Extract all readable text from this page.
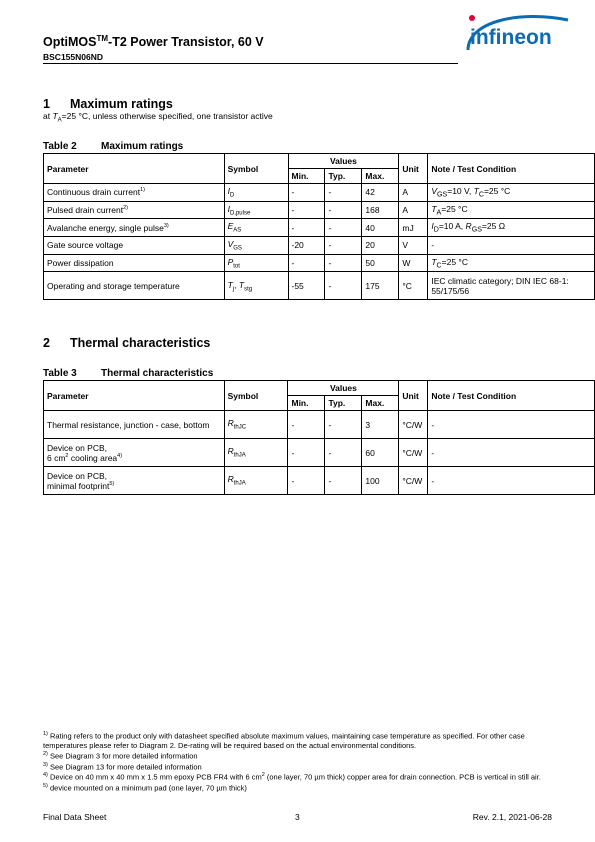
OptiMOS™-T2 Power Transistor, 60 V
BSC155N06ND
infineon
1 Maximum ratings
at $T_A=25$ °C, unless otherwise specified, one transistor active
Table 2 Maximum ratings
Parameter	Symbol	Values			Unit	Note / Test Condition
		Min.	Typ.	Max.		
Continuous drain current$^{1)}$	$I_D$	-	-	42	A	$V_{GS}=10$ V, $T_C=25$ °C
Pulsed drain current$^{2)}$	$I_{D,pulse}$	-	-	168	A	$T_A=25$ °C
Avalanche energy, single pulse$^{3)}$	$E_{AS}$	-	-	40	mJ	$I_D=10$ A, $R_{GS}=25$ Ω
Gate source voltage	$V_{GS}$	-20	-	20	V	-
Power dissipation	$P_{tot}$	-	-	50	W	$T_C=25$ °C
Operating and storage temperature	$T_j$, $T_{stg}$	-55	-	175	°C	IEC climatic category; DIN IEC 68-1: 55/175/56
2 Thermal characteristics
Table 3 Thermal characteristics
Parameter	Symbol	Values			Unit	Note / Test Condition
		Min.	Typ.	Max.		
Thermal resistance, junction - case, bottom	$R_{thJC}$	-	-	3	°C/W	-
Device on PCB,
6 $cm^2$ cooling area$^{4)}$	$R_{thJA}$	-	-	60	°C/W	-
Device on PCB,
minimal footprint$^{5)}$	$R_{thJA}$	-	-	100	°C/W	-
$^{1)}$ Rating refers to the product only with datasheet specified absolute maximum values, maintaining case temperature as specified. For other case temperatures please refer to Diagram 2. De-rating will be required based on the actual environmental conditions.
$^{2)}$ See Diagram 3 for more detailed information
$^{3)}$ See Diagram 13 for more detailed information
$^{4)}$ Device on 40 mm x 40 mm x 1.5 mm epoxy PCB FR4 with 6 $cm^2$ (one layer, 70 µm thick) copper area for drain connection. PCB is vertical in still air.
$^{5)}$ device mounted on a minimum pad (one layer, 70 µm thick)
Final Data Sheet	3	Rev. 2.1, 2021-06-28
